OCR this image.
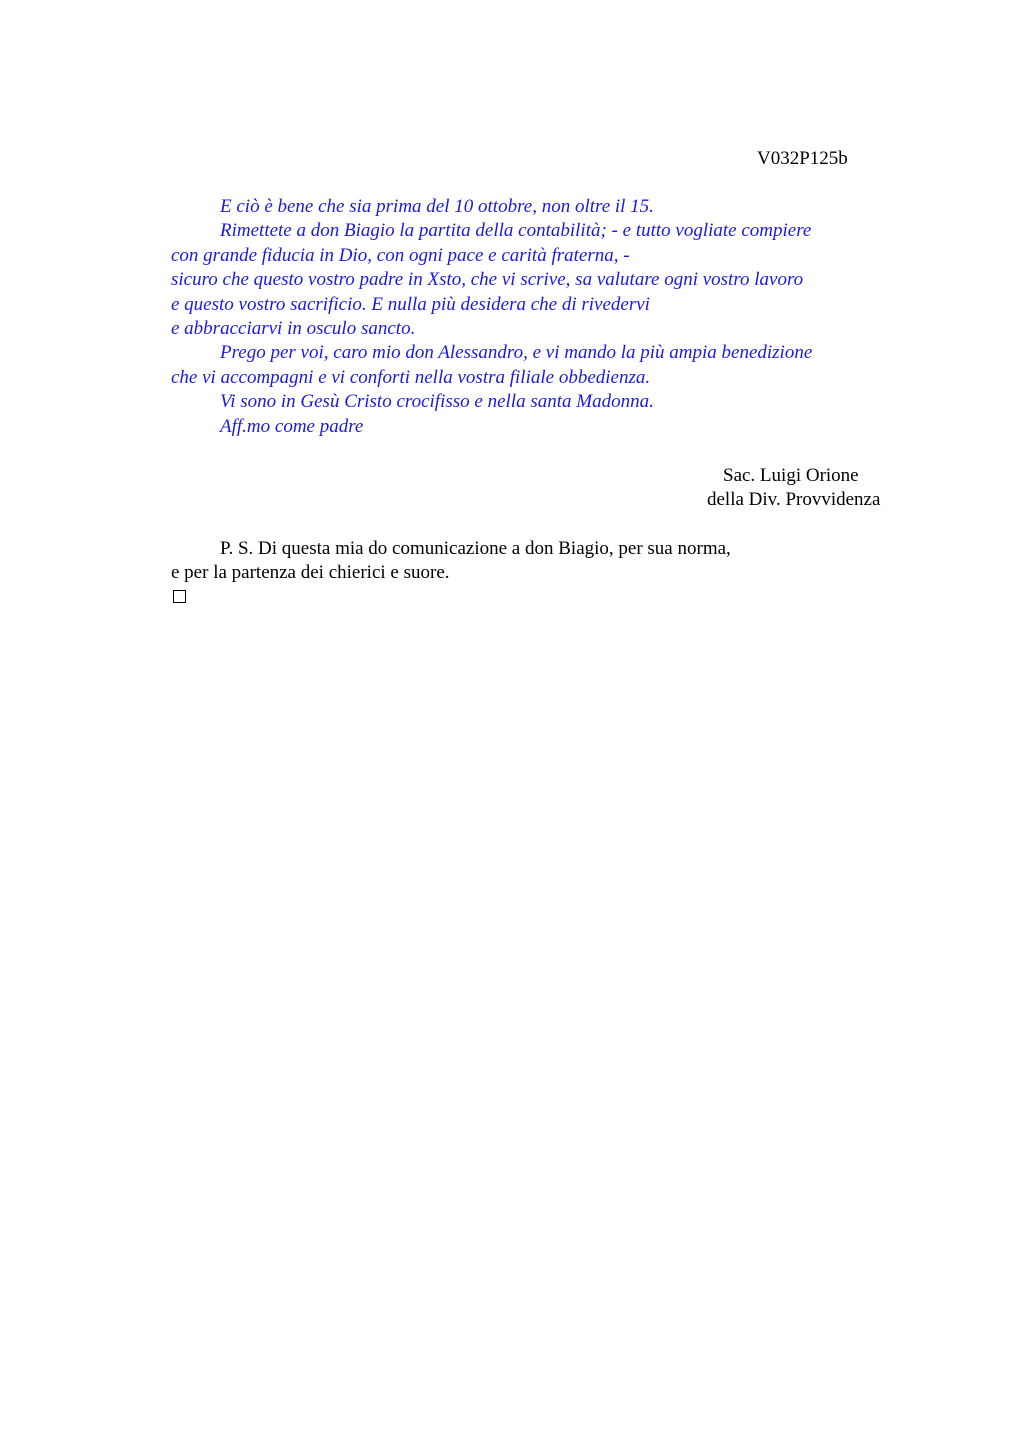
V032P125b
E ciò è bene che sia prima del 10 ottobre, non oltre il 15.
Rimettete a don Biagio la partita della contabilità; - e tutto vogliate compiere
con grande fiducia in Dio, con ogni pace e carità fraterna, -
sicuro che questo vostro padre in Xsto, che vi scrive, sa valutare ogni vostro lavoro
e questo vostro sacrificio. E nulla più desidera che di rivedervi
e abbracciarvi in osculo sancto.
Prego per voi, caro mio don Alessandro, e vi mando la più ampia benedizione
che vi accompagni e vi conforti nella vostra filiale obbedienza.
Vi sono in Gesù Cristo crocifisso e nella santa Madonna.
Aff.mo come padre
Sac. Luigi Orione
della Div. Provvidenza
P. S. Di questa mia do comunicazione a don Biagio, per sua norma,
e per la partenza dei chierici e suore.
